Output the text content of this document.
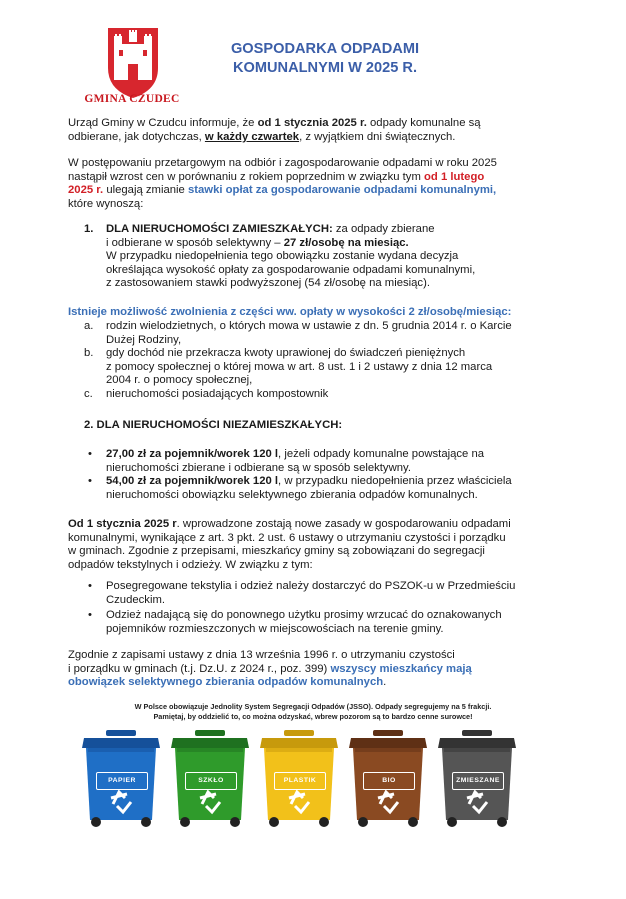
GMINA CZUDEC
GOSPODARKA ODPADAMI
KOMUNALNYMI W 2025 R.
Urząd Gminy w Czudcu informuje, że od 1 stycznia 2025 r. odpady komunalne są
odbierane, jak dotychczas, w każdy czwartek, z wyjątkiem dni świątecznych.
W postępowaniu przetargowym na odbiór i zagospodarowanie odpadami w roku 2025
nastąpił wzrost cen w porównaniu z rokiem poprzednim w związku tym od 1 lutego
2025 r. ulegają zmianie stawki opłat za gospodarowanie odpadami komunalnymi,
które wynoszą:
1. DLA NIERUCHOMOŚCI ZAMIESZKAŁYCH: za odpady zbierane
i odbierane w sposób selektywny – 27 zł/osobę na miesiąc.
W przypadku niedopełnienia tego obowiązku zostanie wydana decyzja
określająca wysokość opłaty za gospodarowanie odpadami komunalnymi,
z zastosowaniem stawki podwyższonej (54 zł/osobę na miesiąc).
Istnieje możliwość zwolnienia z części ww. opłaty w wysokości 2 zł/osobę/miesiąc:
a. rodzin wielodzietnych, o których mowa w ustawie z dn. 5 grudnia 2014 r. o Karcie
Dużej Rodziny,
b. gdy dochód nie przekracza kwoty uprawionej do świadczeń pieniężnych
z pomocy społecznej o której mowa w art. 8 ust. 1 i 2 ustawy z dnia 12 marca
2004 r. o pomocy społecznej,
c. nieruchomości posiadających kompostownik
2. DLA NIERUCHOMOŚCI NIEZAMIESZKAŁYCH:
• 27,00 zł za pojemnik/worek 120 l, jeżeli odpady komunalne powstające na
nieruchomości zbierane i odbierane są w sposób selektywny.
• 54,00 zł za pojemnik/worek 120 l, w przypadku niedopełnienia przez właściciela
nieruchomości obowiązku selektywnego zbierania odpadów komunalnych.
Od 1 stycznia 2025 r. wprowadzone zostają nowe zasady w gospodarowaniu odpadami
komunalnymi, wynikające z art. 3 pkt. 2 ust. 6 ustawy o utrzymaniu czystości i porządku
w gminach. Zgodnie z przepisami, mieszkańcy gminy są zobowiązani do segregacji
odpadów tekstylnych i odzieży. W związku z tym:
• Posegregowane tekstylia i odzież należy dostarczyć do PSZOK-u w Przedmieściu
Czudeckim.
• Odzież nadającą się do ponownego użytku prosimy wrzucać do oznakowanych
pojemników rozmieszczonych w miejscowościach na terenie gminy.
Zgodnie z zapisami ustawy z dnia 13 września 1996 r. o utrzymaniu czystości
i porządku w gminach (t.j. Dz.U. z 2024 r., poz. 399) wszyscy mieszkańcy mają
obowiązek selektywnego zbierania odpadów komunalnych.
W Polsce obowiązuje Jednolity System Segregacji Odpadów (JSSO). Odpady segregujemy na 5 frakcji.
Pamiętaj, by oddzielić to, co można odzyskać, wbrew pozorom są to bardzo cenne surowce!
PAPIER	SZKŁO	PLASTIK	BIO	ZMIESZANE
